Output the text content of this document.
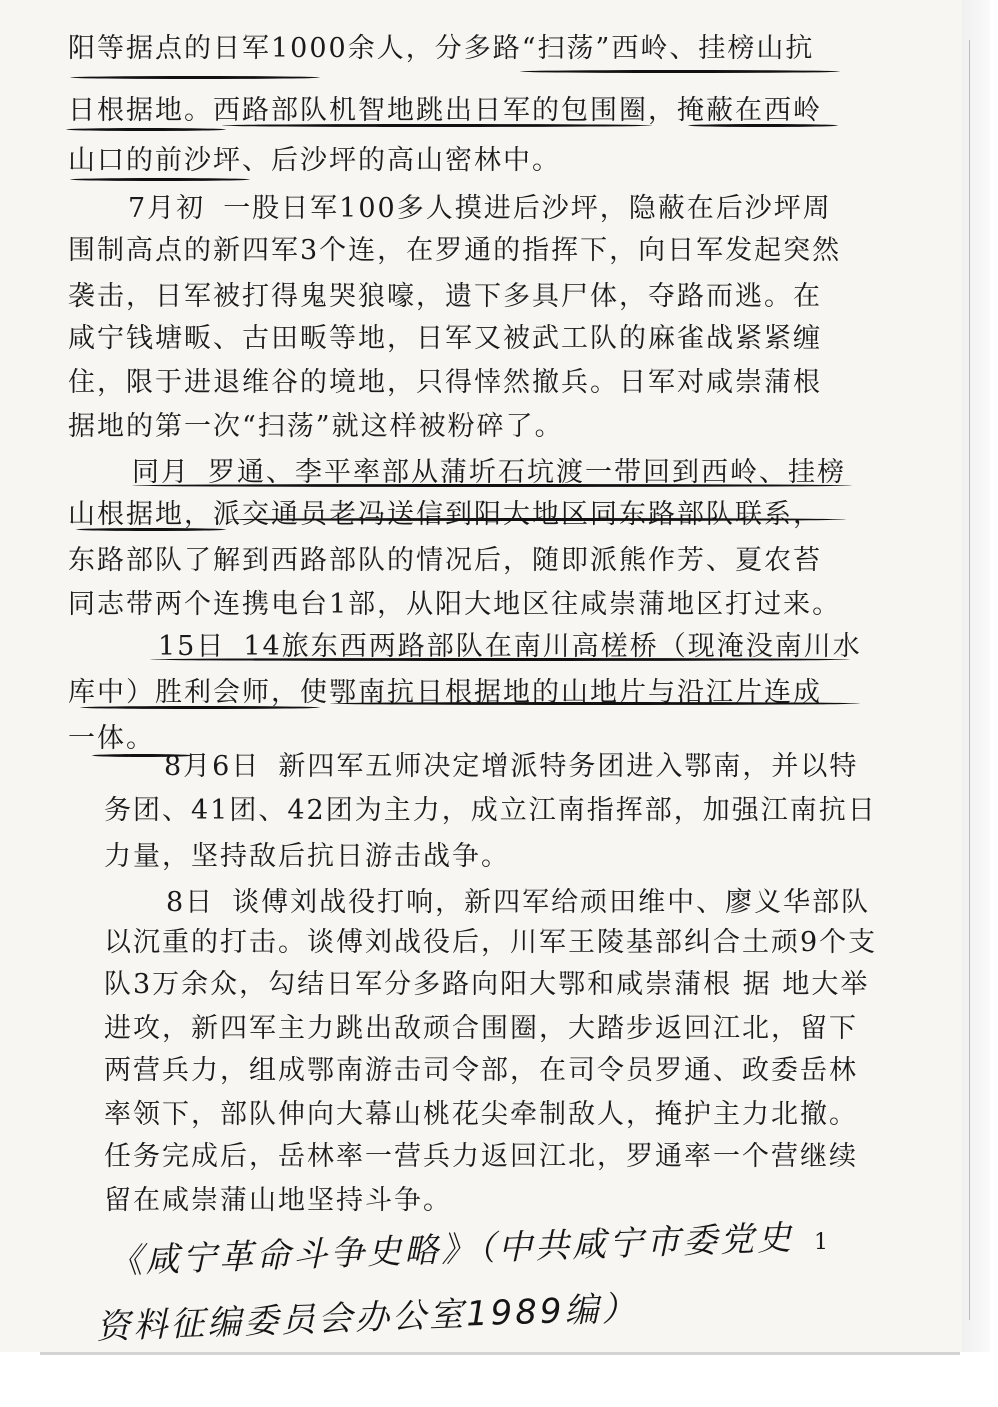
阳等据点的日军1000余人，分多路“扫荡”西岭、挂榜山抗
日根据地。西路部队机智地跳出日军的包围圈，掩蔽在西岭
山口的前沙坪、后沙坪的高山密林中。
7月初 一股日军100多人摸进后沙坪，隐蔽在后沙坪周
围制高点的新四军3个连，在罗通的指挥下，向日军发起突然
袭击，日军被打得鬼哭狼嚎，遗下多具尸体，夺路而逃。在
咸宁钱塘畈、古田畈等地，日军又被武工队的麻雀战紧紧缠
住，限于进退维谷的境地，只得悻然撤兵。日军对咸崇蒲根
据地的第一次“扫荡”就这样被粉碎了。
同月 罗通、李平率部从蒲圻石坑渡一带回到西岭、挂榜
山根据地，派交通员老冯送信到阳大地区同东路部队联系，
东路部队了解到西路部队的情况后，随即派熊作芳、夏农苔
同志带两个连携电台1部，从阳大地区往咸崇蒲地区打过来。
15日 14旅东西两路部队在南川高槎桥（现淹没南川水
库中）胜利会师，使鄂南抗日根据地的山地片与沿江片连成
一体。
8月6日 新四军五师决定增派特务团进入鄂南，并以特
务团、41团、42团为主力，成立江南指挥部，加强江南抗日
力量，坚持敌后抗日游击战争。
8日 谈傅刘战役打响，新四军给顽田维中、廖义华部队
以沉重的打击。谈傅刘战役后，川军王陵基部纠合土顽9个支
队3万余众，勾结日军分多路向阳大鄂和咸崇蒲根 据 地大举
进攻，新四军主力跳出敌顽合围圈，大踏步返回江北，留下
两营兵力，组成鄂南游击司令部，在司令员罗通、政委岳林
率领下，部队伸向大幕山桃花尖牵制敌人，掩护主力北撤。
任务完成后，岳林率一营兵力返回江北，罗通率一个营继续
留在咸崇蒲山地坚持斗争。
1
《咸宁革命斗争史略》（中共咸宁市委党史
资料征编委员会办公室1989编）
